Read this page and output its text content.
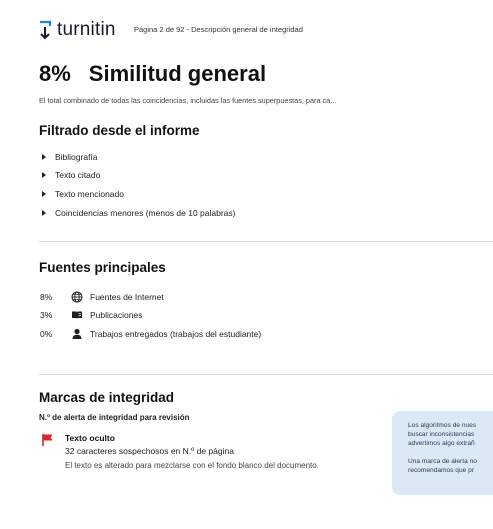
turnitin Página 2 de 92 - Descripción general de integridad
8% Similitud general
El total combinado de todas las coincidencias, incluidas las fuentes superpuestas, para ca...
Filtrado desde el informe
Bibliografía
Texto citado
Texto mencionado
Coincidencias menores (menos de 10 palabras)
Fuentes principales
8%	Fuentes de Internet
3%	Publicaciones
0%	Trabajos entregados (trabajos del estudiante)
Marcas de integridad
N.º de alerta de integridad para revisión
Texto oculto
32 caracteres sospechosos en N.º de página
El texto es alterado para mezclarse con el fondo blanco del documento.

Los algoritmos de nues

buscar inconsistencias

advertimos algo extrañ

Una marca de alerta no

recomendamos que pr
